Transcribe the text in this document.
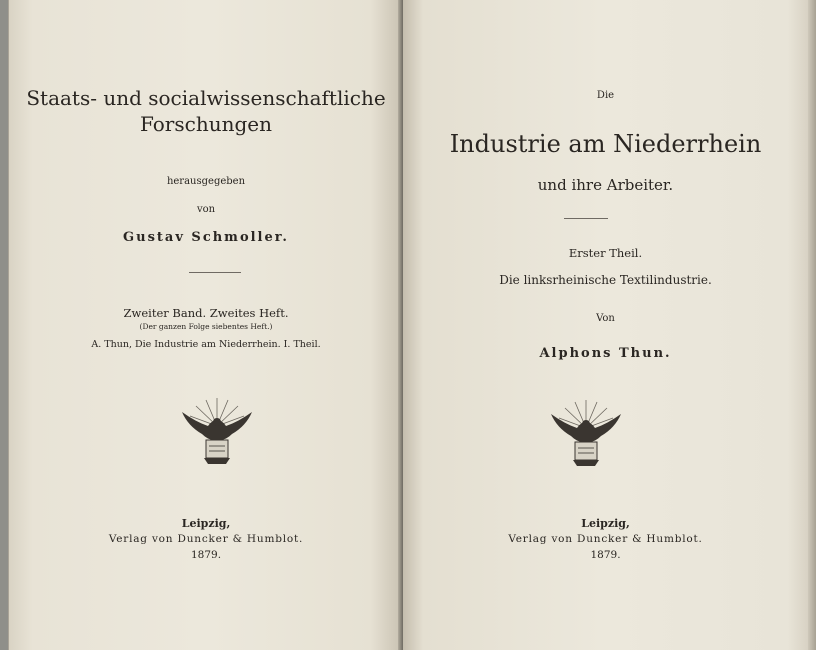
Staats- und socialwissenschaftliche
Forschungen
herausgegeben
von
Gustav Schmoller.
Zweiter Band. Zweites Heft.
(Der ganzen Folge siebentes Heft.)
A. Thun, Die Industrie am Niederrhein. I. Theil.
Leipzig,
Verlag von Duncker & Humblot.
1879.
Die
Industrie am Niederrhein
und ihre Arbeiter.
Erster Theil.
Die linksrheinische Textilindustrie.
Von
Alphons Thun.
Leipzig,
Verlag von Duncker & Humblot.
1879.
